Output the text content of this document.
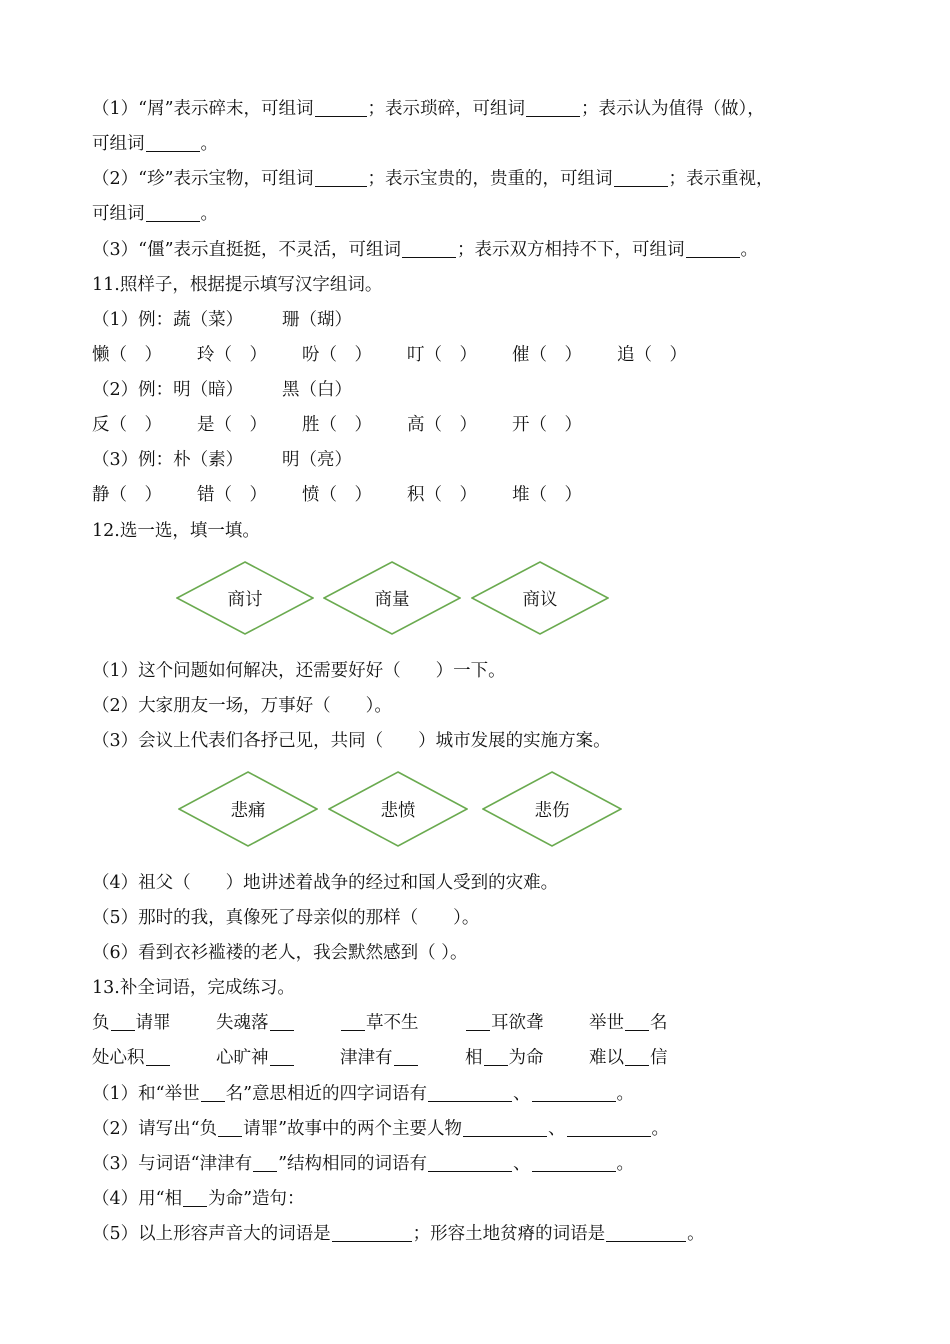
（1）“屑”表示碎末，可组词	；表示琐碎，可组词	；表示认为值得（做），
可组词	。
（2）“珍”表示宝物，可组词	；表示宝贵的，贵重的，可组词	；表示重视，
可组词	。
（3）“僵”表示直挺挺，不灵活，可组词	；表示双方相持不下，可组词	。
11.照样子，根据提示填写汉字组词。
（1）例：蔬（菜） 珊（瑚）
懒（　） 玲（　） 吩（　） 叮（　） 催（　） 追（　）
（2）例：明（暗） 黑（白）
反（　） 是（　） 胜（　） 高（　） 开（　）
（3）例：朴（素） 明（亮）
静（　） 错（　） 愤（　） 积（　） 堆（　）
12.选一选，填一填。
商讨	商量	商议
（1）这个问题如何解决，还需要好好（　　）一下。
（2）大家朋友一场，万事好（　　）。
（3）会议上代表们各抒己见，共同（　　）城市发展的实施方案。
悲痛	悲愤	悲伤
（4）祖父（　　）地讲述着战争的经过和国人受到的灾难。
（5）那时的我，真像死了母亲似的那样（　　）。
（6）看到衣衫褴褛的老人，我会默然感到（ ）。
13.补全词语，完成练习。
负 请罪	失魂落	草不生	耳欲聋	举世 名
处心积	心旷神	津津有	相 为命	难以 信
（1）和“举世 名”意思相近的四字词语有	、	。
（2）请写出“负 请罪”故事中的两个主要人物	、	。
（3）与词语“津津有 ”结构相同的词语有	、	。
（4）用“相 为命”造句：
（5）以上形容声音大的词语是	；形容土地贫瘠的词语是	。
